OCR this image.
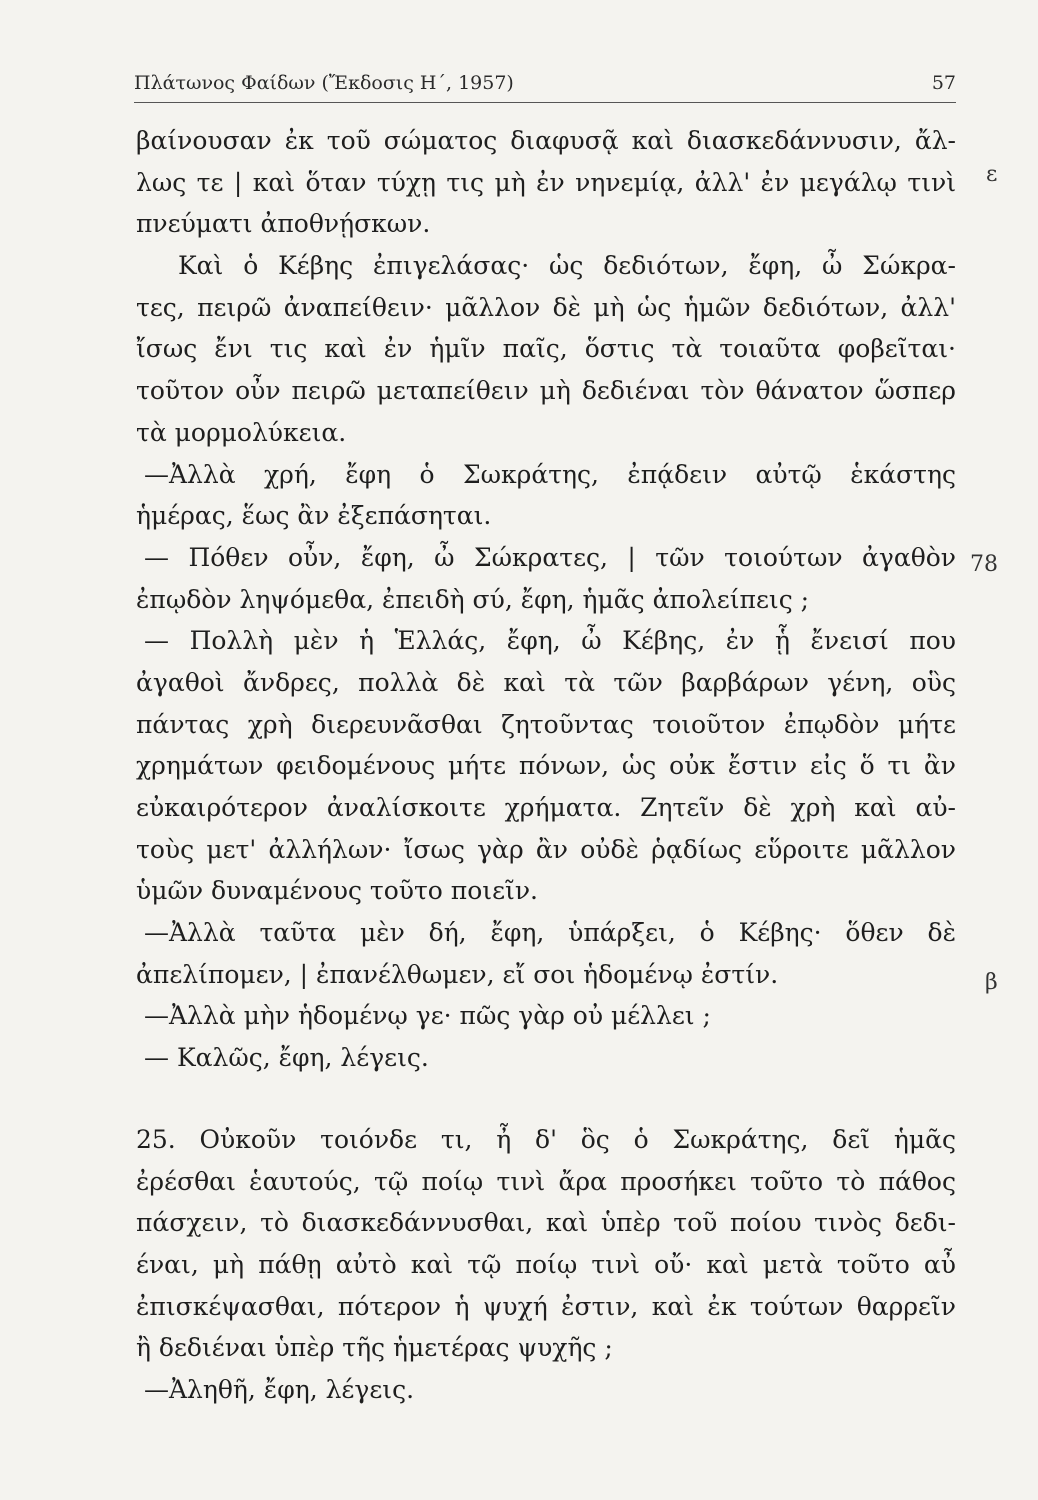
Πλάτωνος Φαίδων (Ἔκδοσις Η΄, 1957)	57
ε
78
β
βαίνουσαν ἐκ τοῦ σώματος διαφυσᾷ καὶ διασκεδάννυσιν, ἄλ-
λως τε | καὶ ὅταν τύχῃ τις μὴ ἐν νηνεμίᾳ, ἀλλ' ἐν μεγάλῳ τινὶ
πνεύματι ἀποθνῄσκων.
Καὶ ὁ Κέβης ἐπιγελάσας· ὡς δεδιότων, ἔφη, ὦ Σώκρα-
τες, πειρῶ ἀναπείθειν· μᾶλλον δὲ μὴ ὡς ἡμῶν δεδιότων, ἀλλ'
ἴσως ἔνι τις καὶ ἐν ἡμῖν παῖς, ὅστις τὰ τοιαῦτα φοβεῖται·
τοῦτον οὖν πειρῶ μεταπείθειν μὴ δεδιέναι τὸν θάνατον ὥσπερ
τὰ μορμολύκεια.
—Ἀλλὰ χρή, ἔφη ὁ Σωκράτης, ἐπᾴδειν αὐτῷ ἑκάστης
ἡμέρας, ἕως ἂν ἐξεπάσηται.
— Πόθεν οὖν, ἔφη, ὦ Σώκρατες, | τῶν τοιούτων ἀγαθὸν
ἐπῳδὸν ληψόμεθα, ἐπειδὴ σύ, ἔφη, ἡμᾶς ἀπολείπεις ;
— Πολλὴ μὲν ἡ Ἑλλάς, ἔφη, ὦ Κέβης, ἐν ᾗ ἔνεισί που
ἀγαθοὶ ἄνδρες, πολλὰ δὲ καὶ τὰ τῶν βαρβάρων γένη, οὓς
πάντας χρὴ διερευνᾶσθαι ζητοῦντας τοιοῦτον ἐπῳδὸν μήτε
χρημάτων φειδομένους μήτε πόνων, ὡς οὐκ ἔστιν εἰς ὅ τι ἂν
εὐκαιρότερον ἀναλίσκοιτε χρήματα. Ζητεῖν δὲ χρὴ καὶ αὐ-
τοὺς μετ' ἀλλήλων· ἴσως γὰρ ἂν οὐδὲ ῥᾳδίως εὕροιτε μᾶλλον
ὑμῶν δυναμένους τοῦτο ποιεῖν.
—Ἀλλὰ ταῦτα μὲν δή, ἔφη, ὑπάρξει, ὁ Κέβης· ὅθεν δὲ
ἀπελίπομεν, | ἐπανέλθωμεν, εἴ σοι ἡδομένῳ ἐστίν.
—Ἀλλὰ μὴν ἡδομένῳ γε· πῶς γὰρ οὐ μέλλει ;
— Καλῶς, ἔφη, λέγεις.
25. Οὐκοῦν τοιόνδε τι, ἦ δ' ὃς ὁ Σωκράτης, δεῖ ἡμᾶς
ἐρέσθαι ἑαυτούς, τῷ ποίῳ τινὶ ἄρα προσήκει τοῦτο τὸ πάθος
πάσχειν, τὸ διασκεδάννυσθαι, καὶ ὑπὲρ τοῦ ποίου τινὸς δεδι-
έναι, μὴ πάθῃ αὐτὸ καὶ τῷ ποίῳ τινὶ οὔ· καὶ μετὰ τοῦτο αὖ
ἐπισκέψασθαι, πότερον ἡ ψυχή ἐστιν, καὶ ἐκ τούτων θαρρεῖν
ἢ δεδιέναι ὑπὲρ τῆς ἡμετέρας ψυχῆς ;
—Ἀληθῆ, ἔφη, λέγεις.
